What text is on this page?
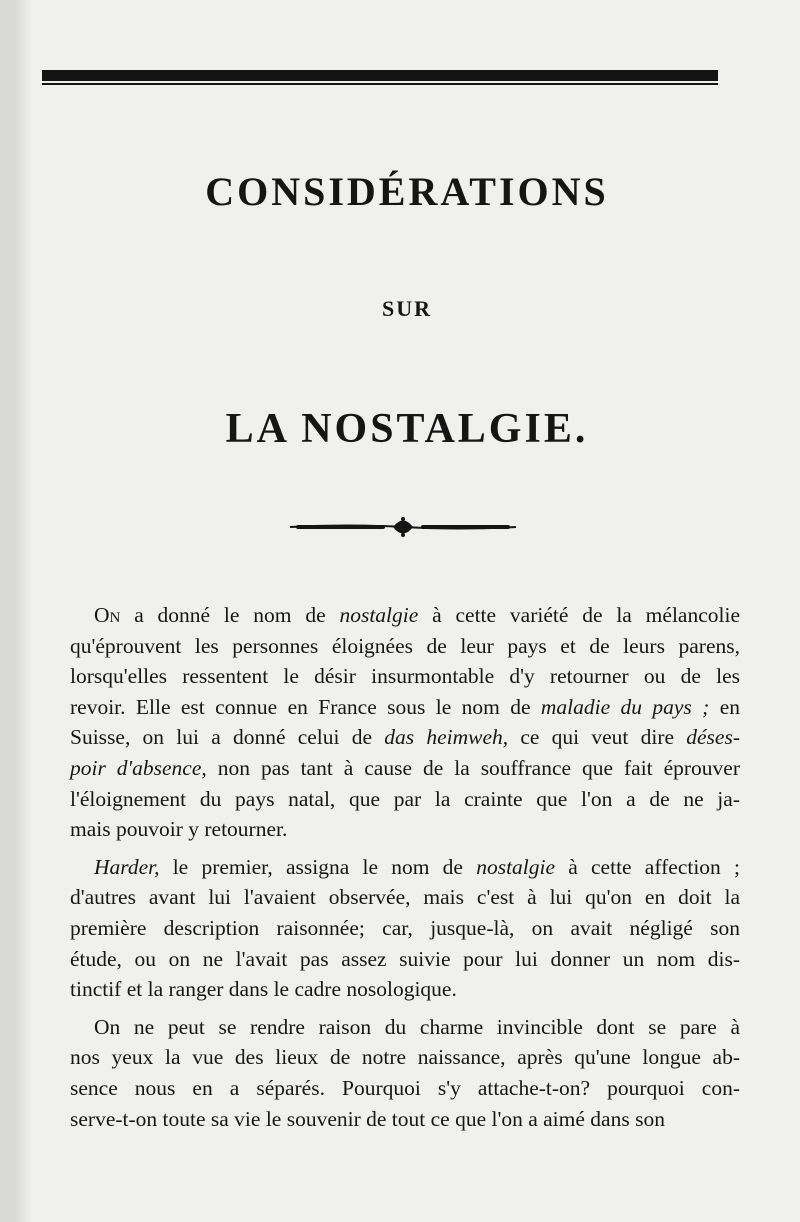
CONSIDÉRATIONS
SUR
LA NOSTALGIE.

On a donné le nom de nostalgie à cette variété de la mélancolie
qu'éprouvent les personnes éloignées de leur pays et de leurs parens,
lorsqu'elles ressentent le désir insurmontable d'y retourner ou de les
revoir. Elle est connue en France sous le nom de maladie du pays ; en
Suisse, on lui a donné celui de das heimweh, ce qui veut dire déses-
poir d'absence, non pas tant à cause de la souffrance que fait éprouver
l'éloignement du pays natal, que par la crainte que l'on a de ne ja-
mais pouvoir y retourner.

Harder, le premier, assigna le nom de nostalgie à cette affection ;
d'autres avant lui l'avaient observée, mais c'est à lui qu'on en doit la
première description raisonnée; car, jusque-là, on avait négligé son
étude, ou on ne l'avait pas assez suivie pour lui donner un nom dis-
tinctif et la ranger dans le cadre nosologique.

On ne peut se rendre raison du charme invincible dont se pare à
nos yeux la vue des lieux de notre naissance, après qu'une longue ab-
sence nous en a séparés. Pourquoi s'y attache-t-on? pourquoi con-
serve-t-on toute sa vie le souvenir de tout ce que l'on a aimé dans son
